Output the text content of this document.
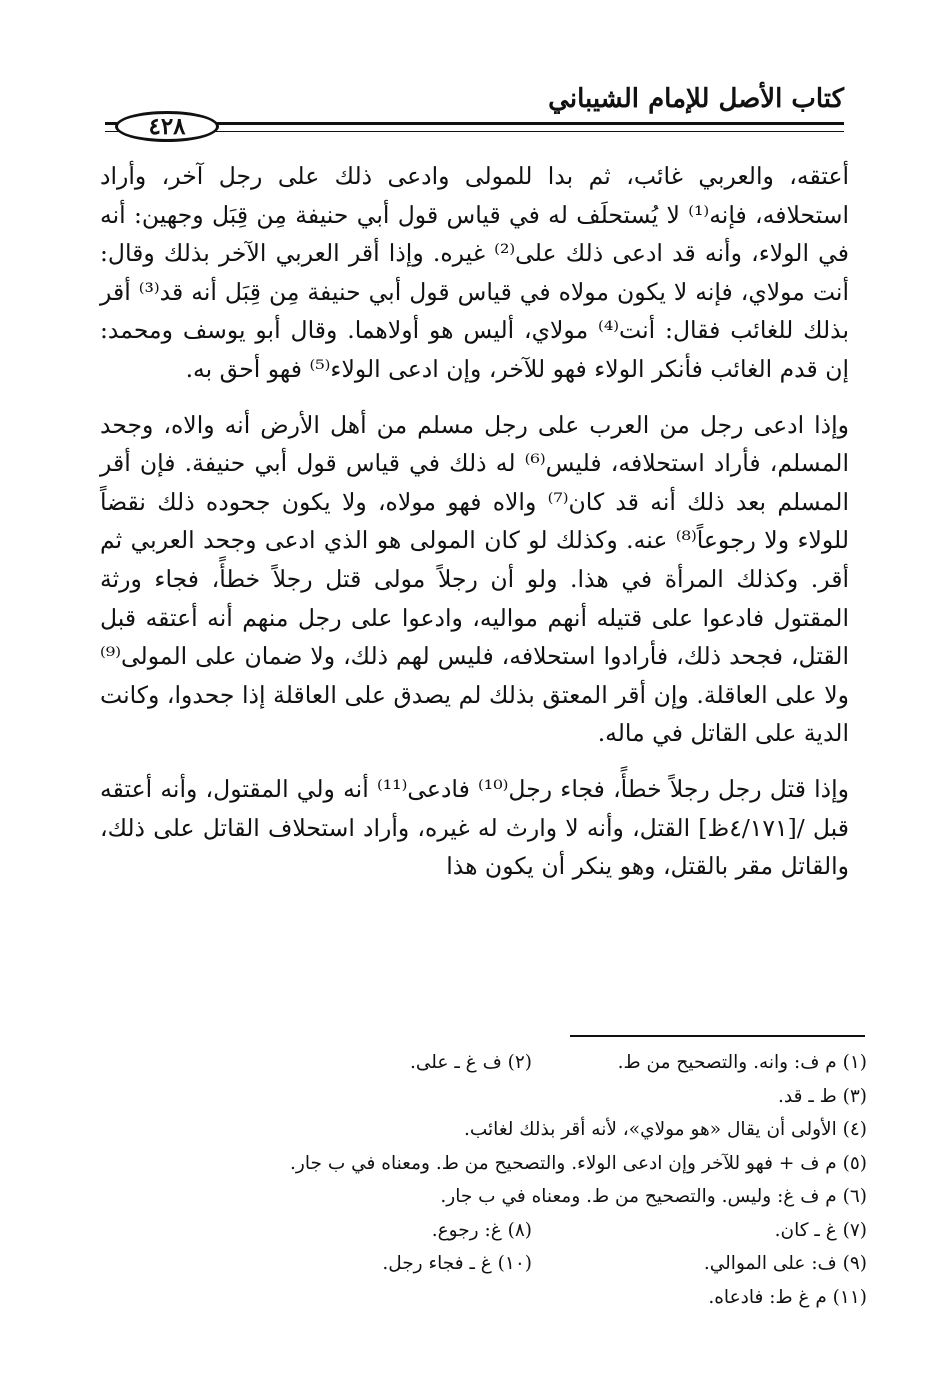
كتاب الأصل للإمام الشيباني
٤٢٨

أعتقه، والعربي غائب، ثم بدا للمولى وادعى ذلك على رجل آخر، وأراد استحلافه، فإنه⁽¹⁾ لا يُستحلَف له في قياس قول أبي حنيفة مِن قِبَل وجهين: أنه في الولاء، وأنه قد ادعى ذلك على⁽²⁾ غيره. وإذا أقر العربي الآخر بذلك وقال: أنت مولاي، فإنه لا يكون مولاه في قياس قول أبي حنيفة مِن قِبَل أنه قد⁽³⁾ أقر بذلك للغائب فقال: أنت⁽⁴⁾ مولاي، أليس هو أولاهما. وقال أبو يوسف ومحمد: إن قدم الغائب فأنكر الولاء فهو للآخر، وإن ادعى الولاء⁽⁵⁾ فهو أحق به.

وإذا ادعى رجل من العرب على رجل مسلم من أهل الأرض أنه والاه، وجحد المسلم، فأراد استحلافه، فليس⁽⁶⁾ له ذلك في قياس قول أبي حنيفة. فإن أقر المسلم بعد ذلك أنه قد كان⁽⁷⁾ والاه فهو مولاه، ولا يكون جحوده ذلك نقضاً للولاء ولا رجوعاً⁽⁸⁾ عنه. وكذلك لو كان المولى هو الذي ادعى وجحد العربي ثم أقر. وكذلك المرأة في هذا. ولو أن رجلاً مولى قتل رجلاً خطأً، فجاء ورثة المقتول فادعوا على قتيله أنهم مواليه، وادعوا على رجل منهم أنه أعتقه قبل القتل، فجحد ذلك، فأرادوا استحلافه، فليس لهم ذلك، ولا ضمان على المولى⁽⁹⁾ ولا على العاقلة. وإن أقر المعتق بذلك لم يصدق على العاقلة إذا جحدوا، وكانت الدية على القاتل في ماله.

وإذا قتل رجل رجلاً خطأً، فجاء رجل⁽¹⁰⁾ فادعى⁽¹¹⁾ أنه ولي المقتول، وأنه أعتقه قبل /[٤/١٧١ظ] القتل، وأنه لا وارث له غيره، وأراد استحلاف القاتل على ذلك، والقاتل مقر بالقتل، وهو ينكر أن يكون هذا

(١) م ف: وانه. والتصحيح من ط.
(٢) ف غ ـ على.
(٣) ط ـ قد.
(٤) الأولى أن يقال «هو مولاي»، لأنه أقر بذلك لغائب.
(٥) م ف + فهو للآخر وإن ادعى الولاء. والتصحيح من ط. ومعناه في ب جار.
(٦) م ف غ: وليس. والتصحيح من ط. ومعناه في ب جار.
(٧) غ ـ كان.
(٨) غ: رجوع.
(٩) ف: على الموالي.
(١٠) غ ـ فجاء رجل.
(١١) م غ ط: فادعاه.
